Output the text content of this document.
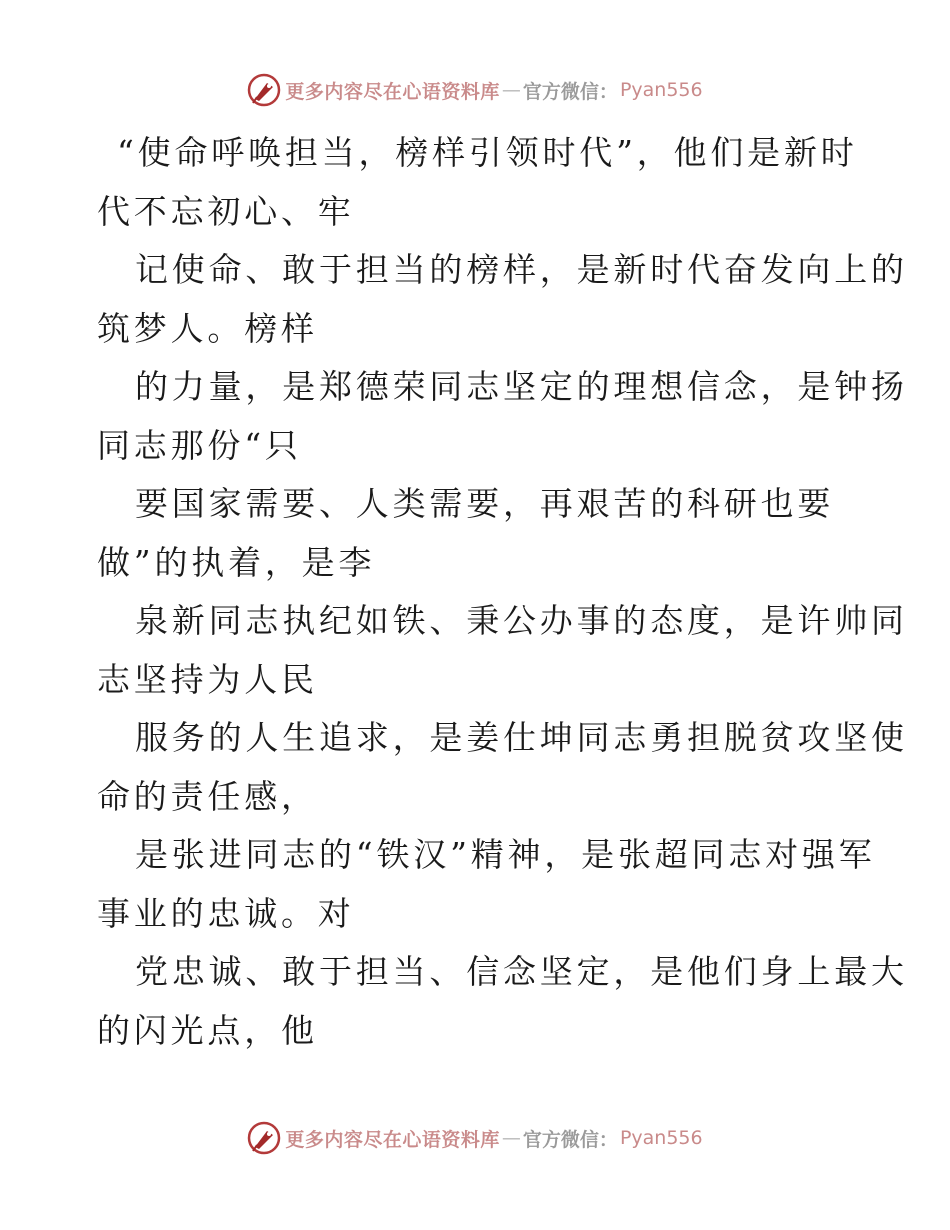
更多内容尽在心语资料库 — 官方微信： Pyan556
“使命呼唤担当，榜样引领时代”，他们是新时
代不忘初心、牢
记使命、敢于担当的榜样，是新时代奋发向上的
筑梦人。榜样
的力量，是郑德荣同志坚定的理想信念，是钟扬
同志那份“只
要国家需要、人类需要，再艰苦的科研也要
做”的执着，是李
泉新同志执纪如铁、秉公办事的态度，是许帅同
志坚持为人民
服务的人生追求，是姜仕坤同志勇担脱贫攻坚使
命的责任感，
是张进同志的“铁汉”精神，是张超同志对强军
事业的忠诚。对
党忠诚、敢于担当、信念坚定，是他们身上最大
的闪光点，他
更多内容尽在心语资料库 — 官方微信： Pyan556
